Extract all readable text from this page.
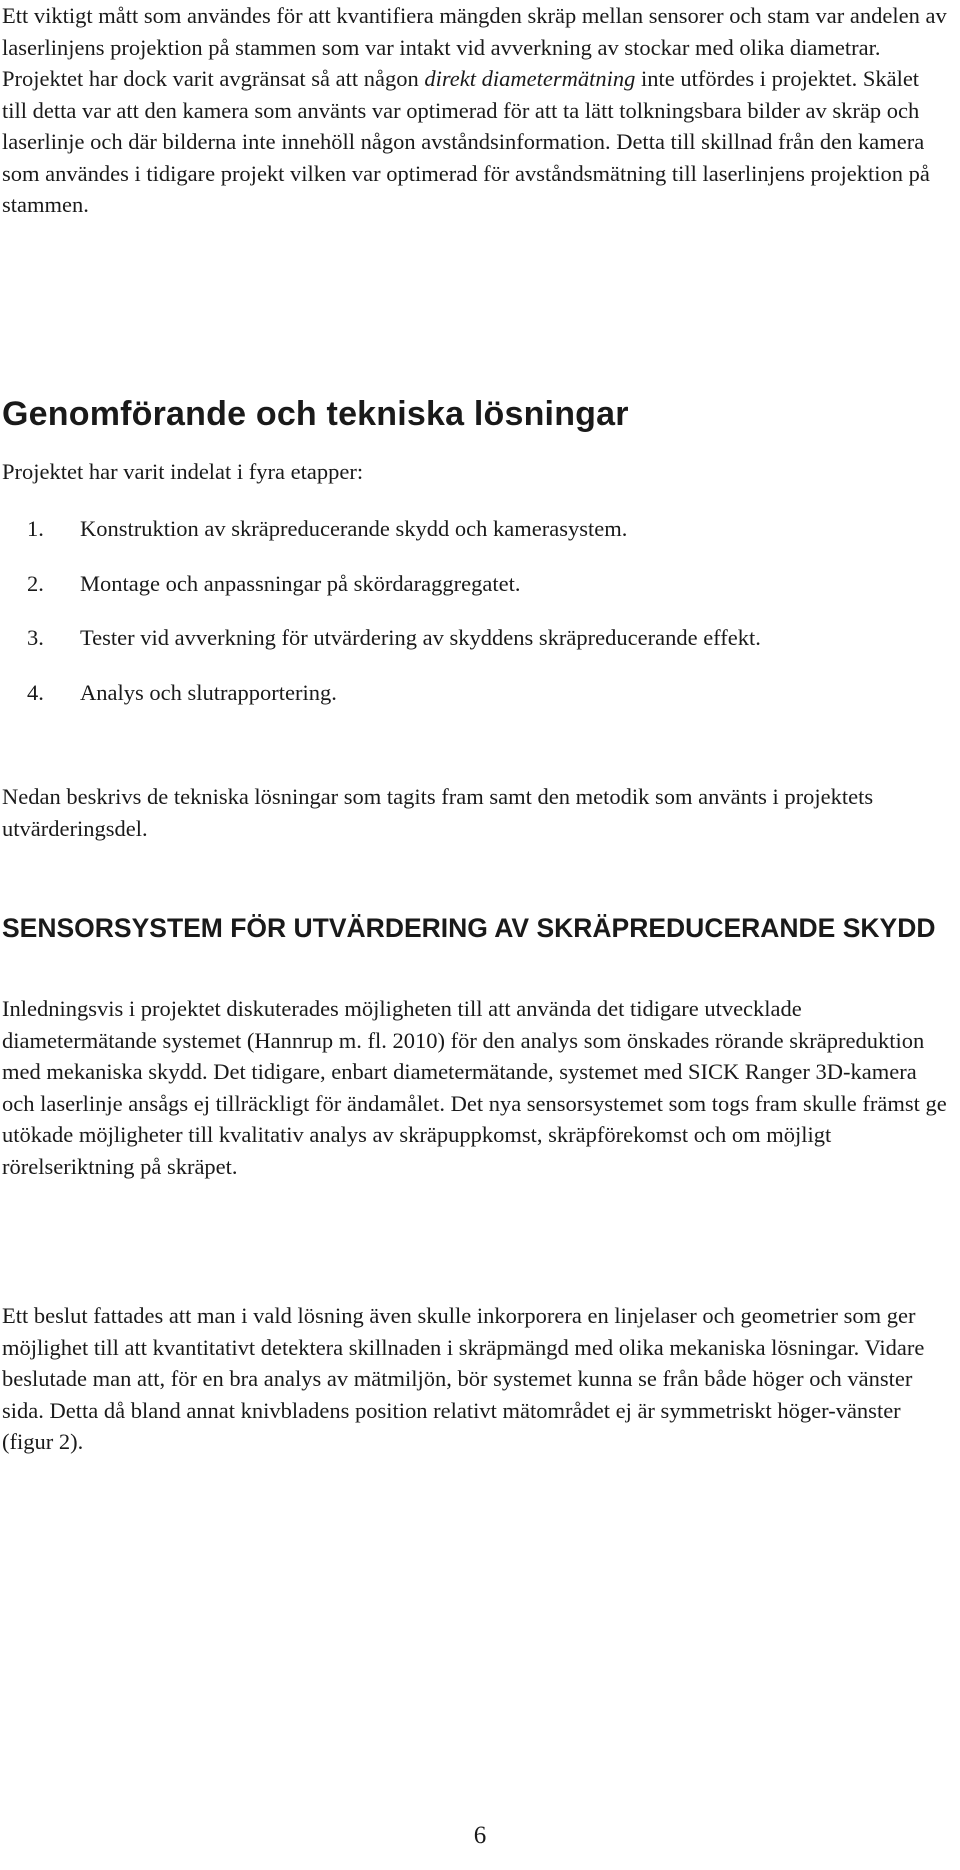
Ett viktigt mått som användes för att kvantifiera mängden skräp mellan sensorer och stam var andelen av laserlinjens projektion på stammen som var intakt vid avverkning av stockar med olika diametrar. Projektet har dock varit avgränsat så att någon direkt diametermätning inte utfördes i projektet. Skälet till detta var att den kamera som använts var optimerad för att ta lätt tolkningsbara bilder av skräp och laserlinje och där bilderna inte innehöll någon avståndsinformation. Detta till skillnad från den kamera som användes i tidigare projekt vilken var optimerad för avståndsmätning till laserlinjens projektion på stammen.

Genomförande och tekniska lösningar

Projektet har varit indelat i fyra etapper:

1. Konstruktion av skräpreducerande skydd och kamerasystem.
2. Montage och anpassningar på skördaraggregatet.
3. Tester vid avverkning för utvärdering av skyddens skräpreducerande effekt.
4. Analys och slutrapportering.

Nedan beskrivs de tekniska lösningar som tagits fram samt den metodik som använts i projektets utvärderingsdel.

SENSORSYSTEM FÖR UTVÄRDERING AV SKRÄPREDUCERANDE SKYDD

Inledningsvis i projektet diskuterades möjligheten till att använda det tidigare utvecklade diametermätande systemet (Hannrup m. fl. 2010) för den analys som önskades rörande skräpreduktion med mekaniska skydd. Det tidigare, enbart diametermätande, systemet med SICK Ranger 3D-kamera och laserlinje ansågs ej tillräckligt för ändamålet. Det nya sensorsystemet som togs fram skulle främst ge utökade möjligheter till kvalitativ analys av skräpuppkomst, skräpförekomst och om möjligt rörelseriktning på skräpet.

Ett beslut fattades att man i vald lösning även skulle inkorporera en linjelaser och geometrier som ger möjlighet till att kvantitativt detektera skillnaden i skräpmängd med olika mekaniska lösningar. Vidare beslutade man att, för en bra analys av mätmiljön, bör systemet kunna se från både höger och vänster sida. Detta då bland annat knivbladens position relativt mätområdet ej är symmetriskt höger-vänster (figur 2).

6
